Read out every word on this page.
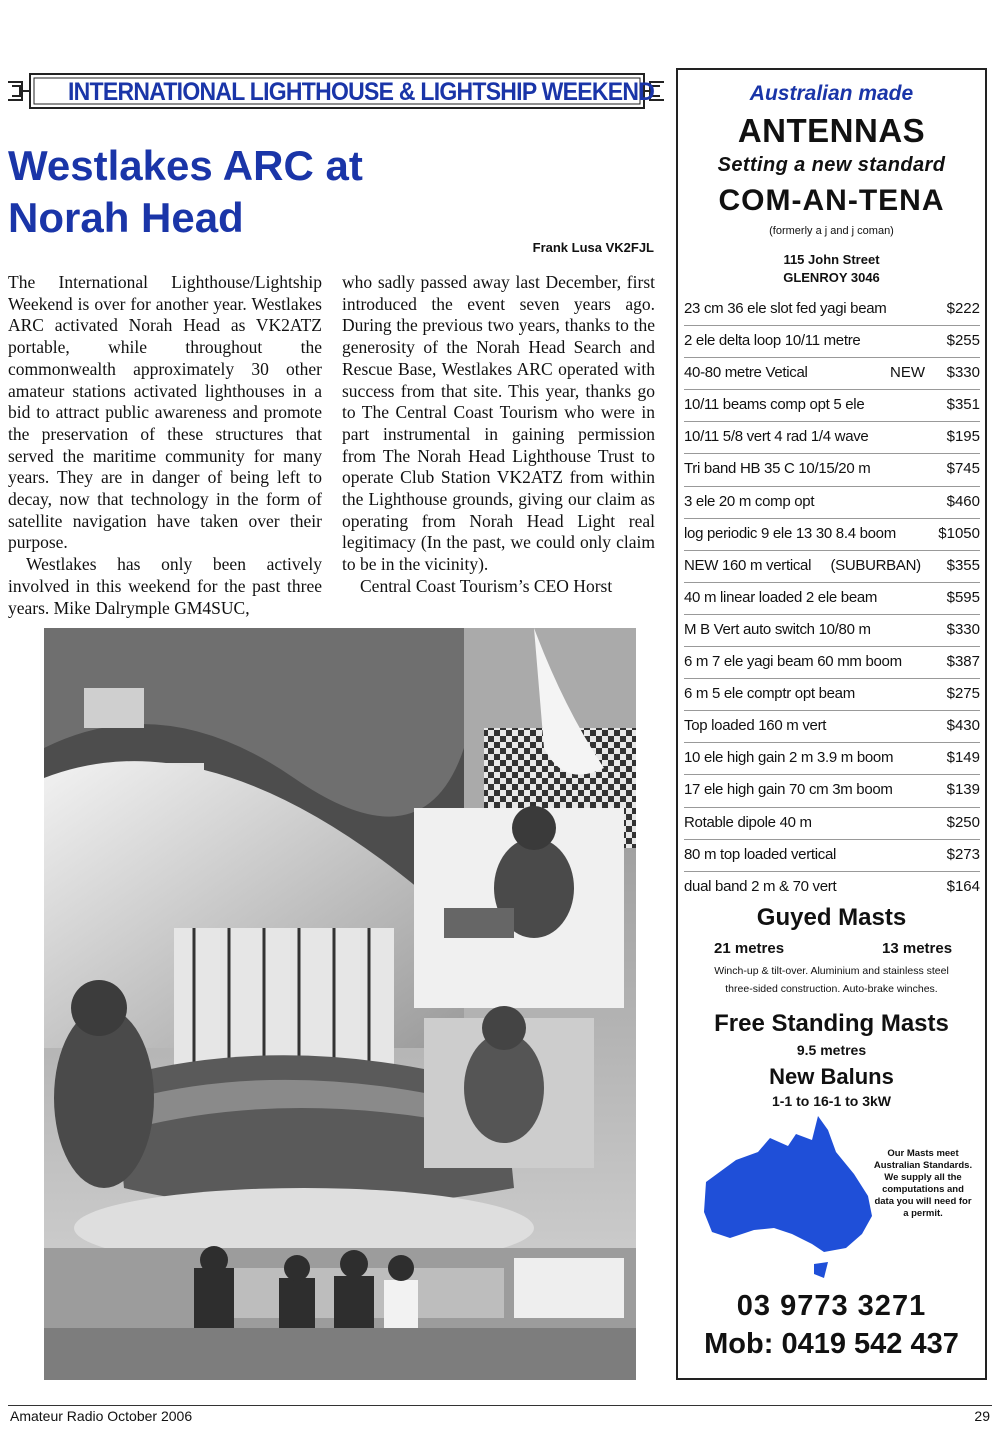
INTERNATIONAL LIGHTHOUSE & LIGHTSHIP WEEKEND
Westlakes ARC at
Norah Head
Frank Lusa VK2FJL

The International Lighthouse/Lightship Weekend is over for another year. Westlakes ARC activated Norah Head as VK2ATZ portable, while throughout the commonwealth approximately 30 other amateur stations activated lighthouses in a bid to attract public awareness and promote the preservation of these structures that served the maritime community for many years. They are in danger of being left to decay, now that technology in the form of satellite navigation have taken over their purpose.

Westlakes has only been actively involved in this weekend for the past three years. Mike Dalrymple GM4SUC,

who sadly passed away last December, first introduced the event seven years ago. During the previous two years, thanks to the generosity of the Norah Head Search and Rescue Base, Westlakes ARC operated with success from that site. This year, thanks go to The Central Coast Tourism who were in part instrumental in gaining permission from The Norah Head Lighthouse Trust to operate Club Station VK2ATZ from within the Lighthouse grounds, giving our claim as operating from Norah Head Light real legitimacy (In the past, we could only claim to be in the vicinity).

Central Coast Tourism’s CEO Horst

Australian made
ANTENNAS
Setting a new standard
COM-AN-TENA
(formerly a j and j coman)
115 John Street
GLENROY 3046
23 cm 36 ele slot fed yagi beam	$222
2 ele delta loop 10/11 metre	$255
40-80 metre Vetical	NEW $330
10/11 beams comp opt 5 ele	$351
10/11 5/8 vert 4 rad 1/4 wave	$195
Tri band HB 35 C 10/15/20 m	$745
3 ele 20 m comp opt	$460
log periodic 9 ele 13 30 8.4 boom	$1050
NEW 160 m vertical     (SUBURBAN) $355
40 m linear loaded 2 ele beam	$595
M B Vert auto switch 10/80 m	$330
6 m 7 ele yagi beam 60 mm boom	$387
6 m 5 ele comptr opt beam	$275
Top loaded 160 m vert	$430
10 ele high gain 2 m 3.9 m boom	$149
17 ele high gain 70 cm 3m boom	$139
Rotable dipole 40 m	$250
80 m top loaded vertical	$273
dual band 2 m & 70 vert	$164
Guyed Masts
21 metres	13 metres
Winch-up & tilt-over. Aluminium and stainless steel
three-sided construction. Auto-brake winches.
Free Standing Masts
9.5 metres
New Baluns
1-1 to 16-1 to 3kW
Our Masts meet Australian Standards. We supply all the computations and data you will need for a permit.
03 9773 3271
Mob: 0419 542 437
Amateur Radio October 2006	29
